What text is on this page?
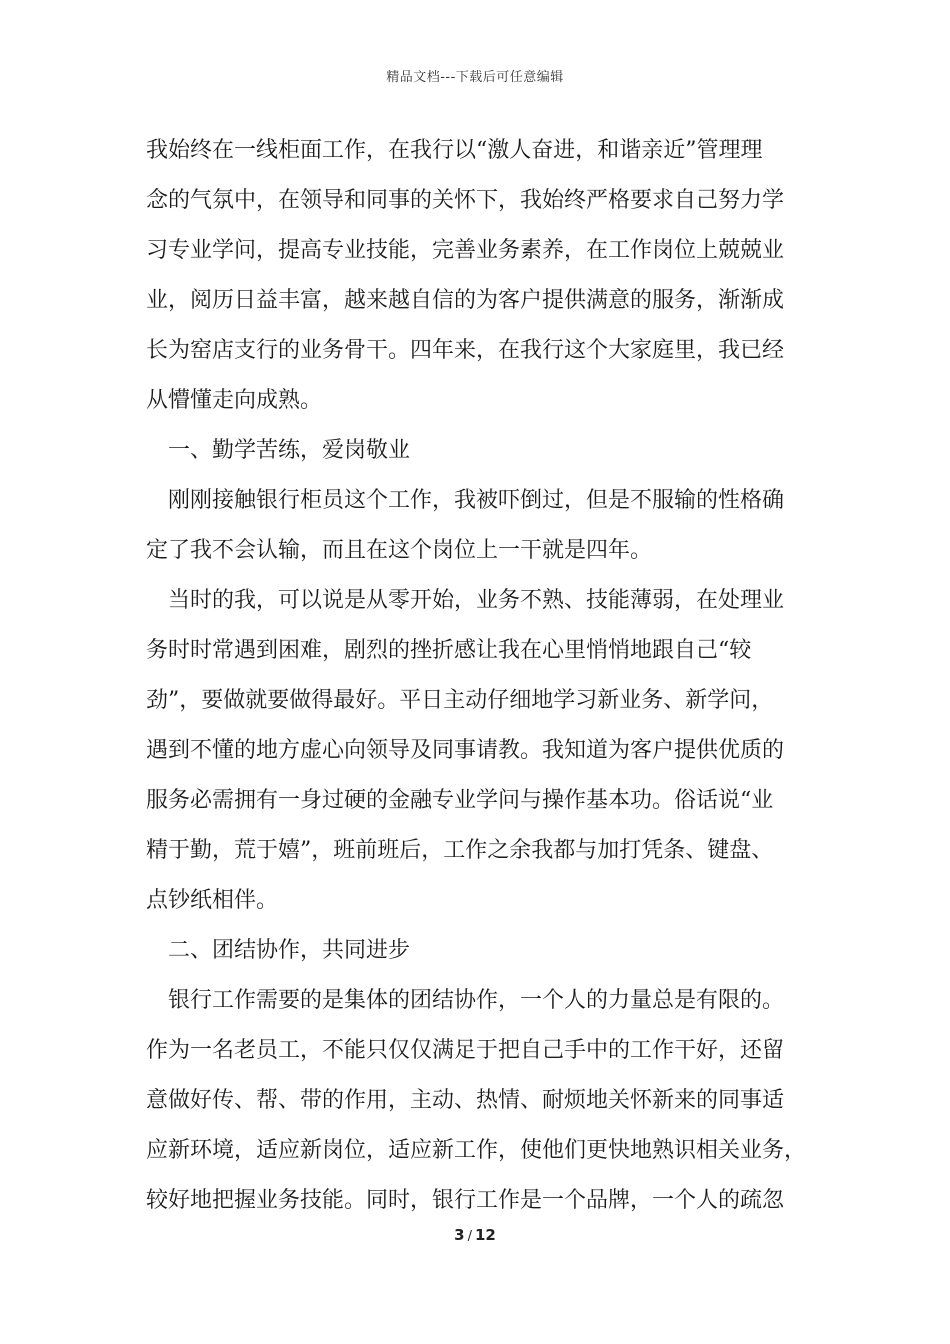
精品文档---下载后可任意编辑
我始终在一线柜面工作，在我行以“激人奋进，和谐亲近”管理理
念的气氛中，在领导和同事的关怀下，我始终严格要求自己努力学
习专业学问，提高专业技能，完善业务素养，在工作岗位上兢兢业
业，阅历日益丰富，越来越自信的为客户提供满意的服务，渐渐成
长为窑店支行的业务骨干。四年来，在我行这个大家庭里，我已经
从懵懂走向成熟。
一、勤学苦练，爱岗敬业
刚刚接触银行柜员这个工作，我被吓倒过，但是不服输的性格确
定了我不会认输，而且在这个岗位上一干就是四年。
当时的我，可以说是从零开始，业务不熟、技能薄弱，在处理业
务时时常遇到困难，剧烈的挫折感让我在心里悄悄地跟自己“较
劲”，要做就要做得最好。平日主动仔细地学习新业务、新学问，
遇到不懂的地方虚心向领导及同事请教。我知道为客户提供优质的
服务必需拥有一身过硬的金融专业学问与操作基本功。俗话说“业
精于勤，荒于嬉”，班前班后，工作之余我都与加打凭条、键盘、
点钞纸相伴。
二、团结协作，共同进步
银行工作需要的是集体的团结协作，一个人的力量总是有限的。
作为一名老员工，不能只仅仅满足于把自己手中的工作干好，还留
意做好传、帮、带的作用，主动、热情、耐烦地关怀新来的同事适
应新环境，适应新岗位，适应新工作，使他们更快地熟识相关业务，
较好地把握业务技能。同时，银行工作是一个品牌，一个人的疏忽
3 / 12
